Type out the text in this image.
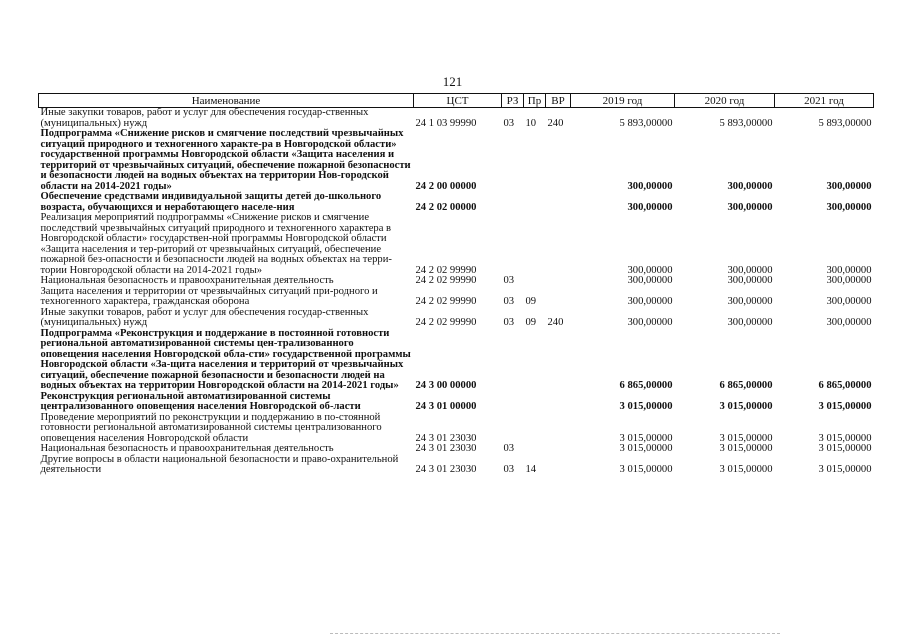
121
Наименование	ЦСТ	РЗ	Пр	ВР	2019 год	2020 год	2021 год
Иные закупки товаров, работ и услуг для обеспечения государ-ственных (муниципальных) нужд	24 1 03 99990	03	10	240	5 893,00000	5 893,00000	5 893,00000
Подпрограмма «Снижение рисков и смягчение последствий чрезвычайных ситуаций природного и техногенного характе-ра в Новгородской области» государственной программы Новгородской области «Защита населения и территорий от чрезвычайных ситуаций, обеспечение пожарной безопасности и безопасности людей на водных объектах на территории Нов-городской области на 2014-2021 годы»	24 2 00 00000				300,00000	300,00000	300,00000
Обеспечение средствами индивидуальной защиты детей до-школьного возраста, обучающихся и неработающего населе-ния	24 2 02 00000				300,00000	300,00000	300,00000
Реализация мероприятий подпрограммы «Снижение рисков и смягчение последствий чрезвычайных ситуаций природного и техногенного характера в Новгородской области» государствен-ной программы Новгородской области «Защита населения и тер-риторий от чрезвычайных ситуаций, обеспечение пожарной без-опасности и безопасности людей на водных объектах на терри-тории Новгородской области на 2014-2021 годы»	24 2 02 99990				300,00000	300,00000	300,00000
Национальная безопасность и правоохранительная деятельность	24 2 02 99990	03			300,00000	300,00000	300,00000
Защита населения и территории от чрезвычайных ситуаций при-родного и техногенного характера, гражданская оборона	24 2 02 99990	03	09		300,00000	300,00000	300,00000
Иные закупки товаров, работ и услуг для обеспечения государ-ственных (муниципальных) нужд	24 2 02 99990	03	09	240	300,00000	300,00000	300,00000
Подпрограмма «Реконструкция и поддержание в постоянной готовности региональной автоматизированной системы цен-трализованного оповещения населения Новгородской обла-сти» государственной программы Новгородской области «За-щита населения и территорий от чрезвычайных ситуаций, обеспечение пожарной безопасности и безопасности людей на водных объектах на территории Новгородской области на 2014-2021 годы»	24 3 00 00000				6 865,00000	6 865,00000	6 865,00000
Реконструкция региональной автоматизированной системы централизованного оповещения населения Новгородской об-ласти	24 3 01 00000				3 015,00000	3 015,00000	3 015,00000
Проведение мероприятий по реконструкции и поддержанию в по-стоянной готовности региональной автоматизированной системы централизованного оповещения населения Новгородской области	24 3 01 23030				3 015,00000	3 015,00000	3 015,00000
Национальная безопасность и правоохранительная деятельность	24 3 01 23030	03			3 015,00000	3 015,00000	3 015,00000
Другие вопросы в области национальной безопасности и право-охранительной деятельности	24 3 01 23030	03	14		3 015,00000	3 015,00000	3 015,00000
